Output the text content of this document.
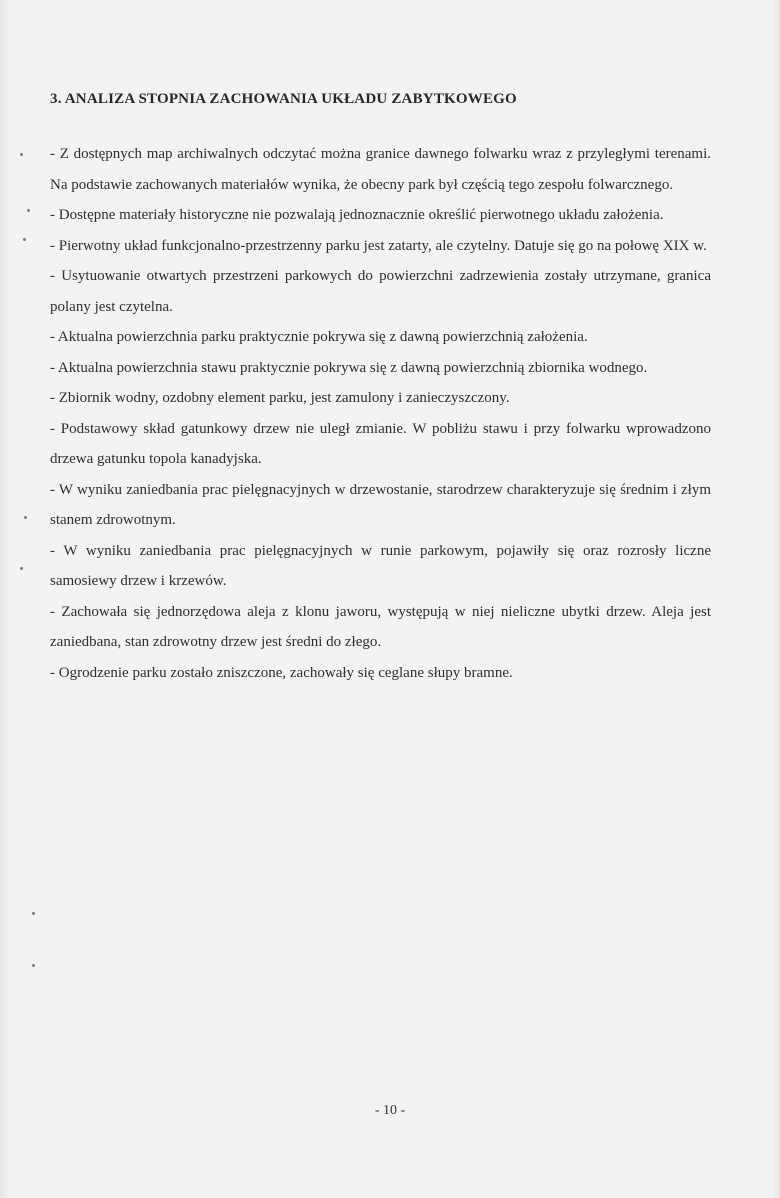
3. ANALIZA STOPNIA ZACHOWANIA UKŁADU ZABYTKOWEGO

- Z dostępnych map archiwalnych odczytać można granice dawnego folwarku wraz z przyległymi terenami. Na podstawie zachowanych materiałów wynika, że obecny park był częścią tego zespołu folwarcznego.

- Dostępne materiały historyczne nie pozwalają jednoznacznie określić pierwotnego układu założenia.

- Pierwotny układ funkcjonalno-przestrzenny parku jest zatarty, ale czytelny. Datuje się go na połowę XIX w.

- Usytuowanie otwartych przestrzeni parkowych do powierzchni zadrzewienia zostały utrzymane, granica polany jest czytelna.

- Aktualna powierzchnia parku praktycznie pokrywa się z dawną powierzchnią założenia.

- Aktualna powierzchnia stawu praktycznie pokrywa się z dawną powierzchnią zbiornika wodnego.

- Zbiornik wodny, ozdobny element parku, jest zamulony i zanieczyszczony.

- Podstawowy skład gatunkowy drzew nie uległ zmianie. W pobliżu stawu i przy folwarku wprowadzono drzewa gatunku topola kanadyjska.

- W wyniku zaniedbania prac pielęgnacyjnych w drzewostanie, starodrzew charakteryzuje się średnim i złym stanem zdrowotnym.

- W wyniku zaniedbania prac pielęgnacyjnych w runie parkowym, pojawiły się oraz rozrosły liczne samosiewy drzew i krzewów.

- Zachowała się jednorzędowa aleja z klonu jaworu, występują w niej nieliczne ubytki drzew. Aleja jest zaniedbana, stan zdrowotny drzew jest średni do złego.

- Ogrodzenie parku zostało zniszczone, zachowały się ceglane słupy bramne.

- 10 -
